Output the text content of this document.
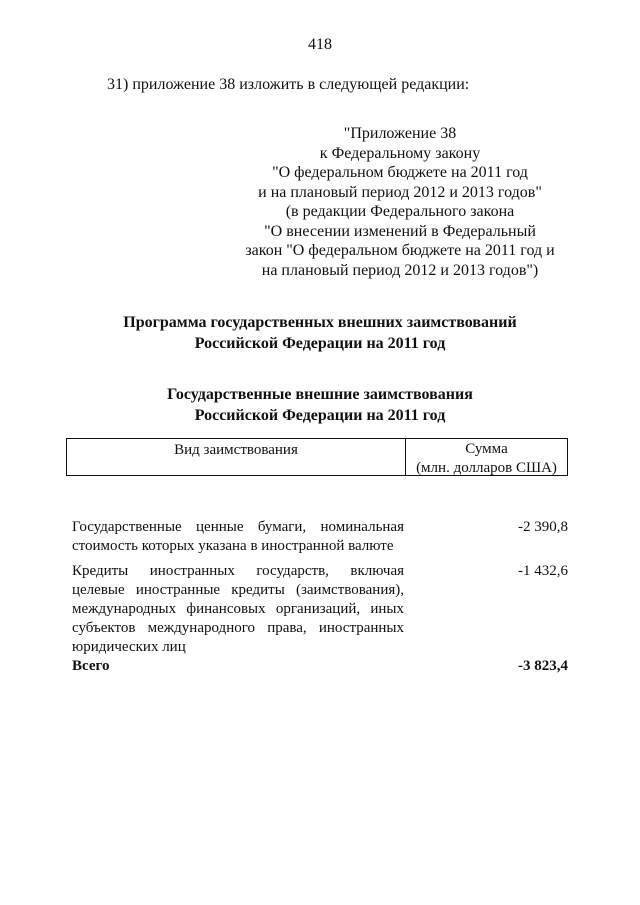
418
31) приложение 38 изложить в следующей редакции:
"Приложение 38
к Федеральному закону
"О федеральном бюджете на 2011 год
и на плановый период 2012 и 2013 годов"
(в редакции Федерального закона
"О внесении изменений в Федеральный
закон "О федеральном бюджете на 2011 год и
на плановый период 2012 и 2013 годов")
Программа государственных внешних заимствований
Российской Федерации на 2011 год
Государственные внешние заимствования
Российской Федерации на 2011 год
Вид заимствования	Сумма
(млн. долларов США)
Государственные ценные бумаги, номинальная
стоимость которых указана в иностранной валюте
-2 390,8
Кредиты иностранных государств, включая
целевые иностранные кредиты (заимствования),
международных финансовых организаций, иных
субъектов международного права, иностранных
юридических лиц
-1 432,6
Всего	-3 823,4
